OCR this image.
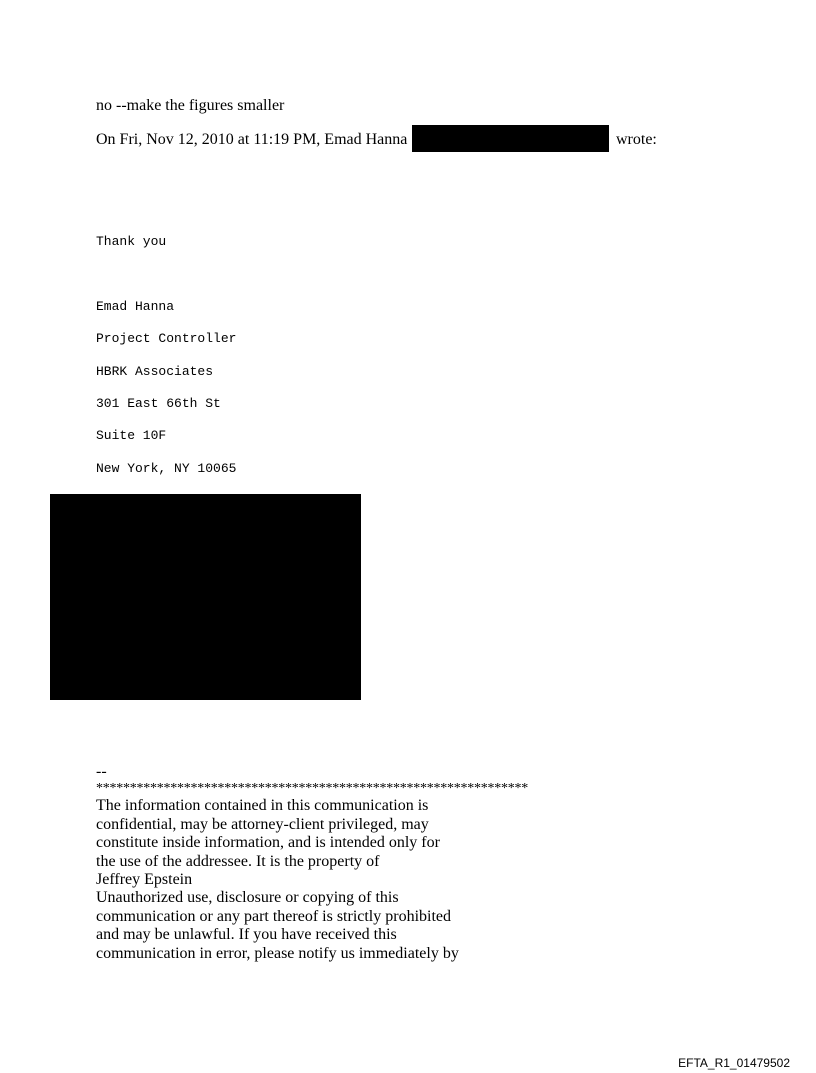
no --make the figures smaller
On Fri, Nov 12, 2010 at 11:19 PM, Emad Hanna	wrote:
Thank you
Emad Hanna
Project Controller
HBRK Associates
301 East 66th St
Suite 10F
New York, NY 10065
--
****************************************************************
The information contained in this communication is
confidential, may be attorney-client privileged, may
constitute inside information, and is intended only for
the use of the addressee. It is the property of
Jeffrey Epstein
Unauthorized use, disclosure or copying of this
communication or any part thereof is strictly prohibited
and may be unlawful. If you have received this
communication in error, please notify us immediately by
EFTA_R1_01479502
